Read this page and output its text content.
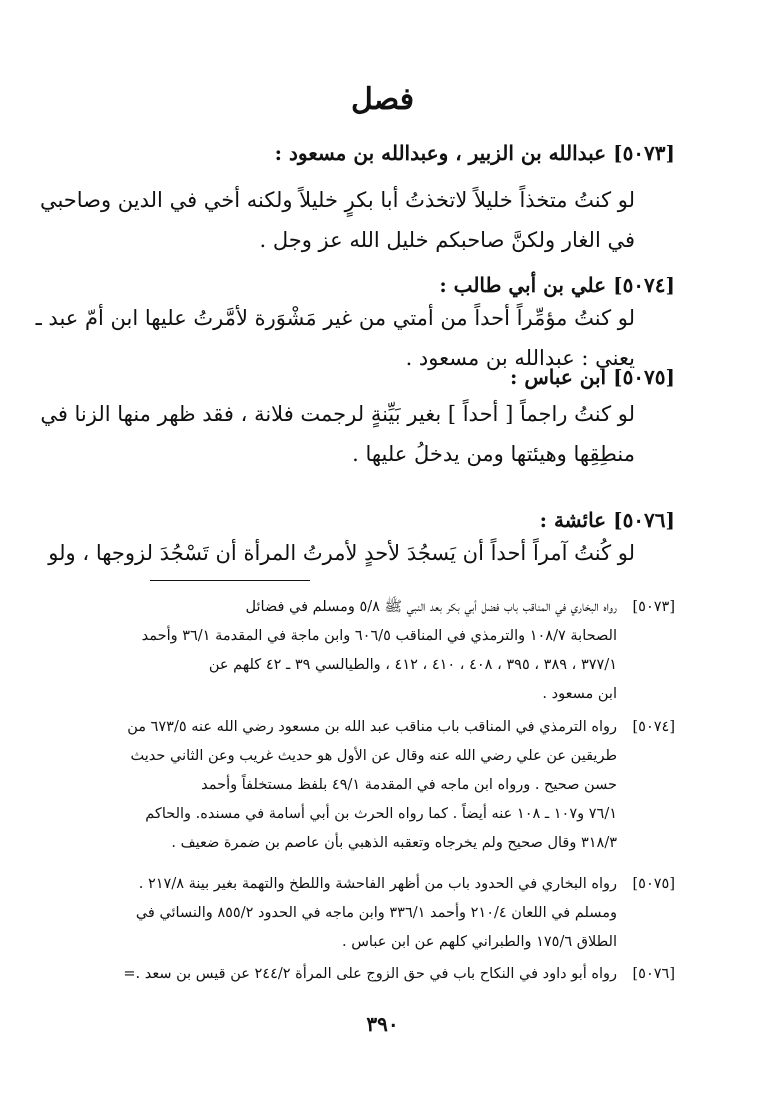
فصل
[٥٠٧٣] عبدالله بن الزبير ، وعبدالله بن مسعود :
لو كنتُ متخذاً خليلاً لاتخذتُ أبا بكرٍ خليلاً ولكنه أخي في الدين وصاحبي
في الغار ولكنَّ صاحبكم خليل الله عز وجل .
[٥٠٧٤] علي بن أبي طالب :
لو كنتُ مؤمِّراً أحداً من أمتي من غير مَشْوَرة لأمَّرتُ عليها ابن أمّ عبد ـ
يعني : عبدالله بن مسعود .
[٥٠٧٥] ابن عباس :
لو كنتُ راجماً [ أحداً ] بغير بَيِّنةٍ لرجمت فلانة ، فقد ظهر منها الزنا في
منطِقِها وهيئتها ومن يدخلُ عليها .
[٥٠٧٦] عائشة :
لو كُنتُ آمراً أحداً أن يَسجُدَ لأحدٍ لأمرتُ المرأة أن تَسْجُدَ لزوجها ، ولو
[٥٠٧٣]
رواه البخاري في المناقب باب فضل أبي بكر بعد النبي ﷺ ٥/٨ ومسلم في فضائل
الصحابة ١٠٨/٧ والترمذي في المناقب ٦٠٦/٥ وابن ماجة في المقدمة ٣٦/١ وأحمد
٣٧٧/١ ، ٣٨٩ ، ٣٩٥ ، ٤٠٨ ، ٤١٠ ، ٤١٢ ، والطيالسي ٣٩ ـ ٤٢ كلهم عن
ابن مسعود .
[٥٠٧٤]
رواه الترمذي في المناقب باب مناقب عبد الله بن مسعود رضي الله عنه ٦٧٣/٥ من
طريقين عن علي رضي الله عنه وقال عن الأول هو حديث غريب وعن الثاني حديث
حسن صحيح . ورواه ابن ماجه في المقدمة ٤٩/١ بلفظ مستخلفاً وأحمد
٧٦/١ و١٠٧ ـ ١٠٨ عنه أيضاً . كما رواه الحرث بن أبي أسامة في مسنده. والحاكم
٣١٨/٣ وقال صحيح ولم يخرجاه وتعقبه الذهبي بأن عاصم بن ضمرة ضعيف .
[٥٠٧٥]
رواه البخاري في الحدود باب من أظهر الفاحشة واللطخ والتهمة بغير بينة ٢١٧/٨ .
ومسلم في اللعان ٢١٠/٤ وأحمد ٣٣٦/١ وابن ماجه في الحدود ٨٥٥/٢ والنسائي في
الطلاق ١٧٥/٦ والطبراني كلهم عن ابن عباس .
[٥٠٧٦]
رواه أبو داود في النكاح باب في حق الزوج على المرأة ٢٤٤/٢ عن قيس بن سعد .=
٣٩٠
